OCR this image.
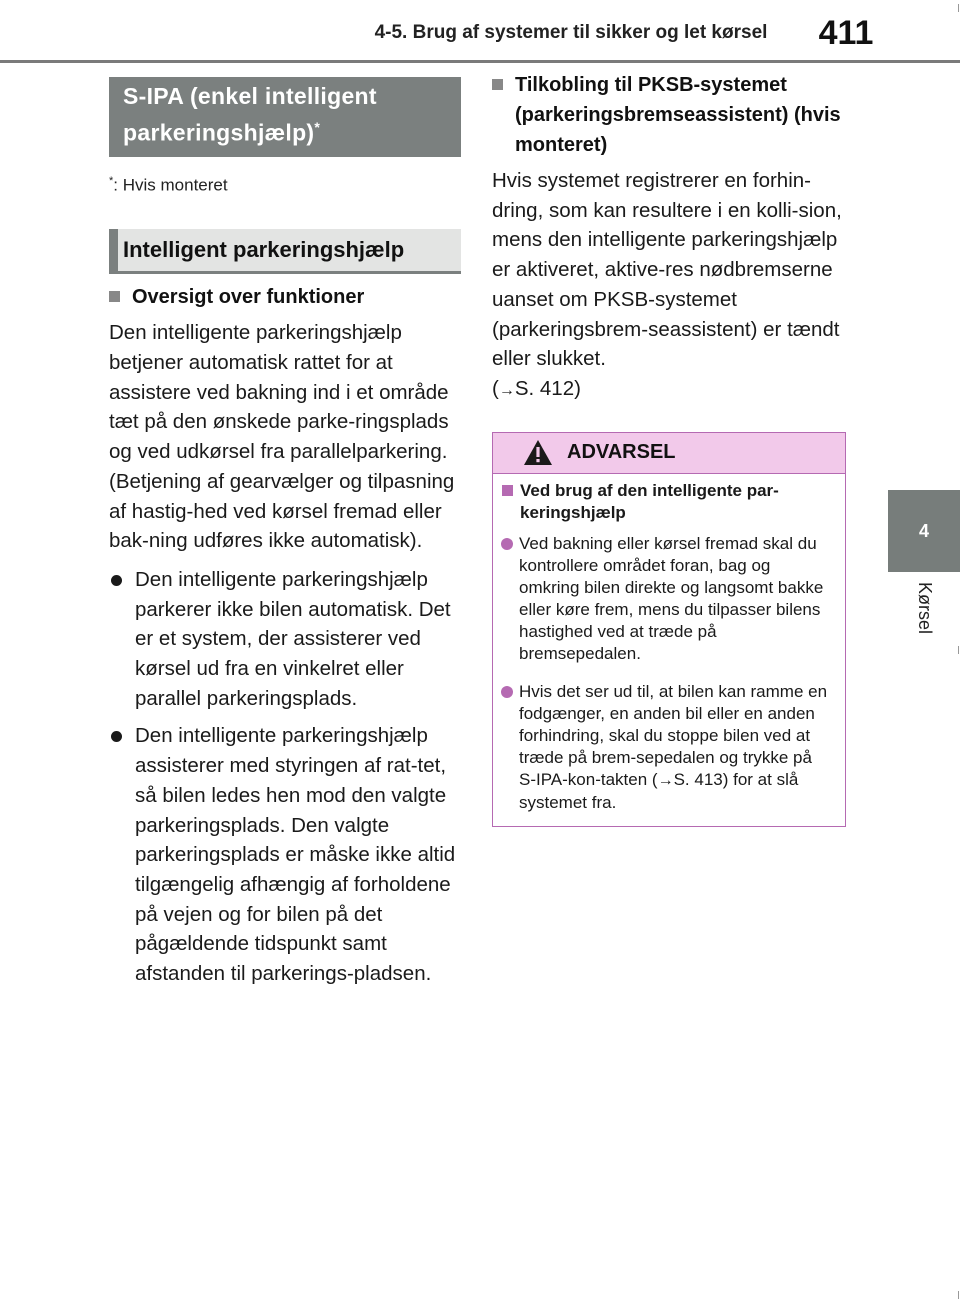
4-5. Brug af systemer til sikker og let kørsel	411
4
Kørsel
S-IPA (enkel intelligent parkeringshjælp)*
*: Hvis monteret
Intelligent parkeringshjælp
Oversigt over funktioner
Den intelligente parkeringshjælp betjener automatisk rattet for at assistere ved bakning ind i et område tæt på den ønskede parke-ringsplads og ved udkørsel fra parallelparkering. (Betjening af gearvælger og tilpasning af hastig-hed ved kørsel fremad eller bak-ning udføres ikke automatisk).
Den intelligente parkeringshjælp parkerer ikke bilen automatisk. Det er et system, der assisterer ved kørsel ud fra en vinkelret eller parallel parkeringsplads.
Den intelligente parkeringshjælp assisterer med styringen af rat-tet, så bilen ledes hen mod den valgte parkeringsplads. Den valgte parkeringsplads er måske ikke altid tilgængelig afhængig af forholdene på vejen og for bilen på det pågældende tidspunkt samt afstanden til parkerings-pladsen.
Tilkobling til PKSB-systemet (parkeringsbremseassistent) (hvis monteret)
Hvis systemet registrerer en forhin-dring, som kan resultere i en kolli-sion, mens den intelligente parkeringshjælp er aktiveret, aktive-res nødbremserne uanset om PKSB-systemet (parkeringsbrem-seassistent) er tændt eller slukket.
(→S. 412)
ADVARSEL
Ved brug af den intelligente par-keringshjælp
Ved bakning eller kørsel fremad skal du kontrollere området foran, bag og omkring bilen direkte og langsomt bakke eller køre frem, mens du tilpasser bilens hastighed ved at træde på bremsepedalen.
Hvis det ser ud til, at bilen kan ramme en fodgænger, en anden bil eller en anden forhindring, skal du stoppe bilen ved at træde på brem-sepedalen og trykke på S-IPA-kon-takten (→S. 413) for at slå systemet fra.
